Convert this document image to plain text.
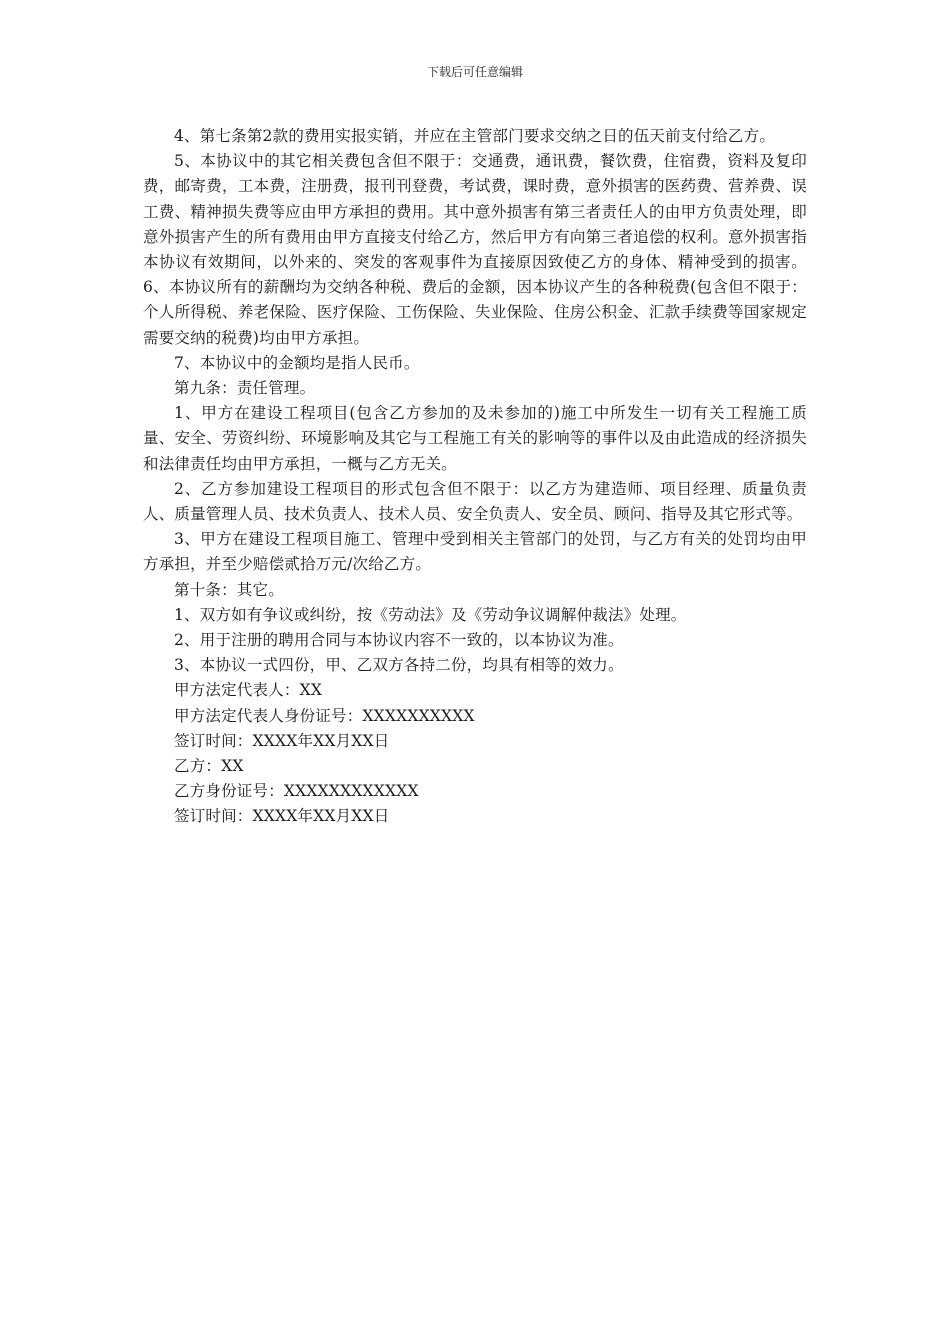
下载后可任意编辑

4、第七条第2款的费用实报实销，并应在主管部门要求交纳之日的伍天前支付给乙方。

5、本协议中的其它相关费包含但不限于：交通费，通讯费，餐饮费，住宿费，资料及复印费，邮寄费，工本费，注册费，报刊刊登费，考试费，课时费，意外损害的医药费、营养费、误工费、精神损失费等应由甲方承担的费用。其中意外损害有第三者责任人的由甲方负责处理，即意外损害产生的所有费用由甲方直接支付给乙方，然后甲方有向第三者追偿的权利。意外损害指本协议有效期间，以外来的、突发的客观事件为直接原因致使乙方的身体、精神受到的损害。6、本协议所有的薪酬均为交纳各种税、费后的金额，因本协议产生的各种税费(包含但不限于：个人所得税、养老保险、医疗保险、工伤保险、失业保险、住房公积金、汇款手续费等国家规定需要交纳的税费)均由甲方承担。

7、本协议中的金额均是指人民币。

第九条：责任管理。

1、甲方在建设工程项目(包含乙方参加的及未参加的)施工中所发生一切有关工程施工质量、安全、劳资纠纷、环境影响及其它与工程施工有关的影响等的事件以及由此造成的经济损失和法律责任均由甲方承担，一概与乙方无关。

2、乙方参加建设工程项目的形式包含但不限于：以乙方为建造师、项目经理、质量负责人、质量管理人员、技术负责人、技术人员、安全负责人、安全员、顾问、指导及其它形式等。

3、甲方在建设工程项目施工、管理中受到相关主管部门的处罚，与乙方有关的处罚均由甲方承担，并至少赔偿贰拾万元/次给乙方。

第十条：其它。

1、双方如有争议或纠纷，按《劳动法》及《劳动争议调解仲裁法》处理。

2、用于注册的聘用合同与本协议内容不一致的，以本协议为准。

3、本协议一式四份，甲、乙双方各持二份，均具有相等的效力。

甲方法定代表人：XX

甲方法定代表人身份证号：XXXXXXXXXX

签订时间：XXXX年XX月XX日

乙方：XX

乙方身份证号：XXXXXXXXXXXX

签订时间：XXXX年XX月XX日
